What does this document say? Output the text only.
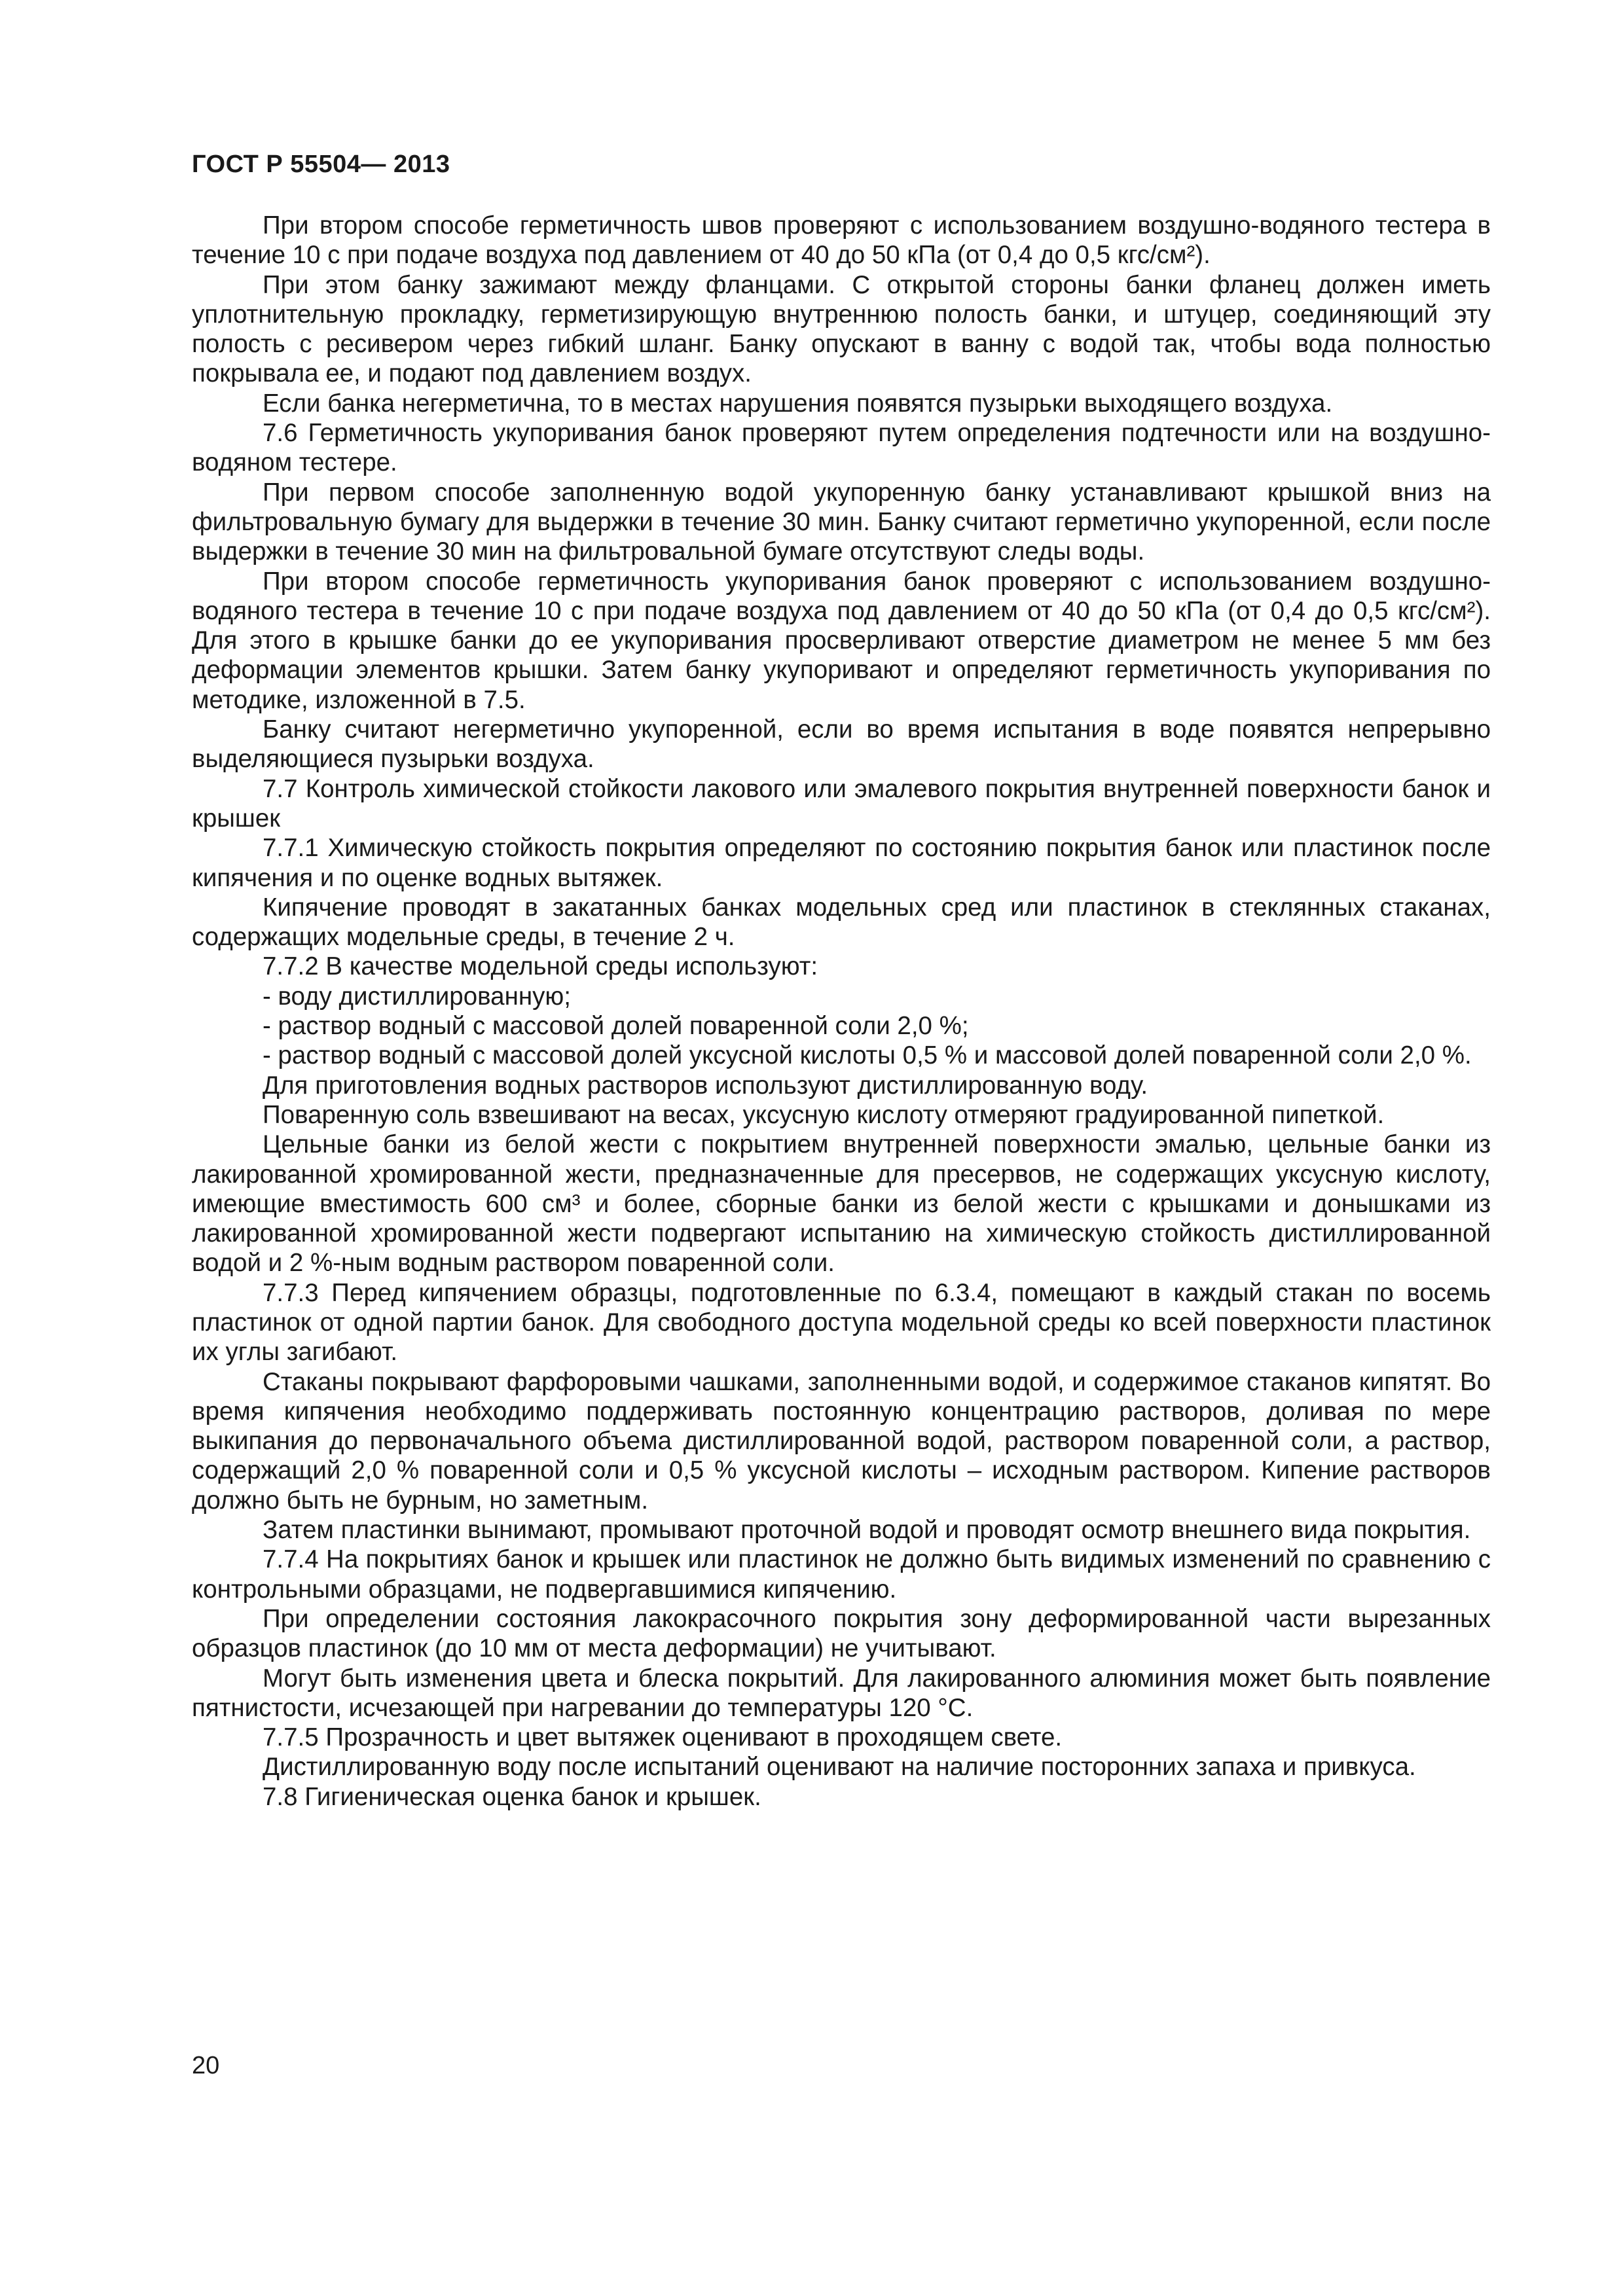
ГОСТ Р 55504— 2013

При втором способе герметичность швов проверяют с использованием воздушно-водяного тестера в течение 10 с при подаче воздуха под давлением от 40 до 50 кПа (от 0,4 до 0,5 кгс/см²).

При этом банку зажимают между фланцами. С открытой стороны банки фланец должен иметь уплотнительную прокладку, герметизирующую внутреннюю полость банки, и штуцер, соединяющий эту полость с ресивером через гибкий шланг. Банку опускают в ванну с водой так, чтобы вода полностью покрывала ее, и подают под давлением воздух.

Если банка негерметична, то в местах нарушения появятся пузырьки выходящего воздуха.

7.6 Герметичность укупоривания банок проверяют путем определения подтечности или на воздушно-водяном тестере.

При первом способе заполненную водой укупоренную банку устанавливают крышкой вниз на фильтровальную бумагу для выдержки в течение 30 мин. Банку считают герметично укупоренной, если после выдержки в течение 30 мин на фильтровальной бумаге отсутствуют следы воды.

При втором способе герметичность укупоривания банок проверяют с использованием воздушно-водяного тестера в течение 10 с при подаче воздуха под давлением от 40 до 50 кПа (от 0,4 до 0,5 кгс/см²). Для этого в крышке банки до ее укупоривания просверливают отверстие диаметром не менее 5 мм без деформации элементов крышки. Затем банку укупоривают и определяют герметичность укупоривания по методике, изложенной в 7.5.

Банку считают негерметично укупоренной, если во время испытания в воде появятся непрерывно выделяющиеся пузырьки воздуха.

7.7 Контроль химической стойкости лакового или эмалевого покрытия внутренней поверхности банок и крышек

7.7.1 Химическую стойкость покрытия определяют по состоянию покрытия банок или пластинок после кипячения и по оценке водных вытяжек.

Кипячение проводят в закатанных банках модельных сред или пластинок в стеклянных стаканах, содержащих модельные среды, в течение 2 ч.

7.7.2 В качестве модельной среды используют:

- воду дистиллированную;

- раствор водный с массовой долей поваренной соли 2,0 %;

- раствор водный с массовой долей уксусной кислоты 0,5 % и массовой долей поваренной соли 2,0 %.

Для приготовления водных растворов используют дистиллированную воду.

Поваренную соль взвешивают на весах, уксусную кислоту отмеряют градуированной пипеткой.

Цельные банки из белой жести с покрытием внутренней поверхности эмалью, цельные банки из лакированной хромированной жести, предназначенные для пресервов, не содержащих уксусную кислоту, имеющие вместимость 600 см³ и более, сборные банки из белой жести с крышками и донышками из лакированной хромированной жести подвергают испытанию на химическую стойкость дистиллированной водой и 2 %-ным водным раствором поваренной соли.

7.7.3 Перед кипячением образцы, подготовленные по 6.3.4, помещают в каждый стакан по восемь пластинок от одной партии банок. Для свободного доступа модельной среды ко всей поверхности пластинок их углы загибают.

Стаканы покрывают фарфоровыми чашками, заполненными водой, и содержимое стаканов кипятят. Во время кипячения необходимо поддерживать постоянную концентрацию растворов, доливая по мере выкипания до первоначального объема дистиллированной водой, раствором поваренной соли, а раствор, содержащий 2,0 % поваренной соли и 0,5 % уксусной кислоты – исходным раствором. Кипение растворов должно быть не бурным, но заметным.

Затем пластинки вынимают, промывают проточной водой и проводят осмотр внешнего вида покрытия.

7.7.4 На покрытиях банок и крышек или пластинок не должно быть видимых изменений по сравнению с контрольными образцами, не подвергавшимися кипячению.

При определении состояния лакокрасочного покрытия зону деформированной части вырезанных образцов пластинок (до 10 мм от места деформации) не учитывают.

Могут быть изменения цвета и блеска покрытий. Для лакированного алюминия может быть появление пятнистости, исчезающей при нагревании до температуры 120 °С.

7.7.5 Прозрачность и цвет вытяжек оценивают в проходящем свете.

Дистиллированную воду после испытаний оценивают на наличие посторонних запаха и привкуса.

7.8 Гигиеническая оценка банок и крышек.

20
